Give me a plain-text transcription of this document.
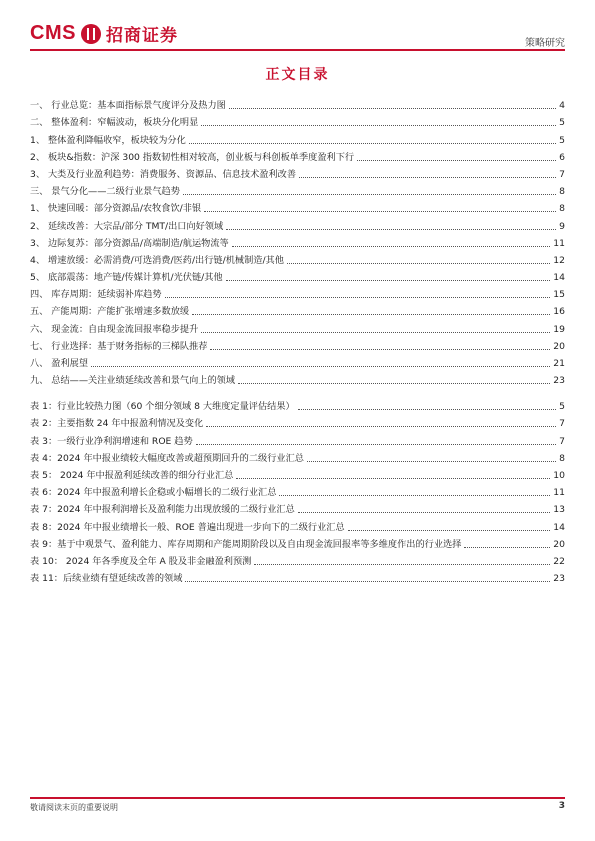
CMS 招商证券	策略研究
正文目录
一、 行业总览：基本面指标景气度评分及热力图	4
二、 整体盈利：窄幅波动，板块分化明显	5
1、 整体盈利降幅收窄，板块较为分化	5
2、 板块&指数：沪深 300 指数韧性相对较高，创业板与科创板单季度盈利下行	6
3、 大类及行业盈利趋势：消费服务、资源品、信息技术盈利改善	7
三、 景气分化——二级行业景气趋势	8
1、 快速回暖：部分资源品/农牧食饮/非银	8
2、 延续改善：大宗品/部分 TMT/出口向好领域	9
3、 边际复苏：部分资源品/高端制造/航运物流等	11
4、 增速放缓：必需消费/可选消费/医药/出行链/机械制造/其他	12
5、 底部震荡：地产链/传媒计算机/光伏链/其他	14
四、 库存周期：延续弱补库趋势	15
五、 产能周期：产能扩张增速多数放缓	16
六、 现金流：自由现金流回报率稳步提升	19
七、 行业选择：基于财务指标的三梯队推荐	20
八、 盈利展望	21
九、 总结——关注业绩延续改善和景气向上的领域	23
表 1：行业比较热力图（60 个细分领域 8 大维度定量评估结果）	5
表 2：主要指数 24 年中报盈利情况及变化	7
表 3：一级行业净利润增速和 ROE 趋势	7
表 4：2024 年中报业绩较大幅度改善或超预期回升的二级行业汇总	8
表 5： 2024 年中报盈利延续改善的细分行业汇总	10
表 6：2024 年中报盈利增长企稳或小幅增长的二级行业汇总	11
表 7：2024 年中报利润增长及盈利能力出现放缓的二级行业汇总	13
表 8：2024 年中报业绩增长一般、ROE 普遍出现进一步向下的二级行业汇总	14
表 9：基于中观景气、盈利能力、库存周期和产能周期阶段以及自由现金流回报率等多维度作出的行业选择	20
表 10： 2024 年各季度及全年 A 股及非金融盈利预测	22
表 11：后续业绩有望延续改善的领域	23
敬请阅读末页的重要说明	3
